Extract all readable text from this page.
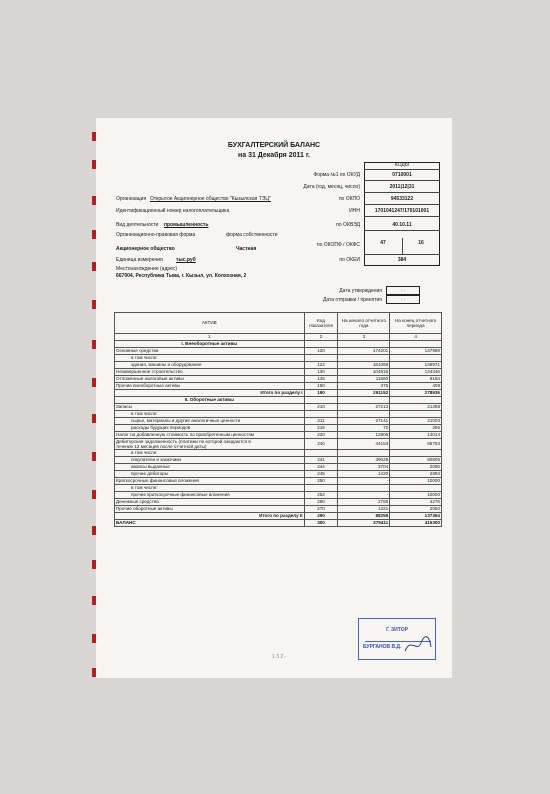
БУХГАЛТЕРСКИЙ БАЛАНС
на 31 Декабря 2011 г.
КОДЫ
Форма №1 по ОКУД	0710001
Дата (год, месяц, число)	2011|12|31
Организация Открытое Акционерное общество "Кызылская ТЭЦ"	по ОКПО	94533122
Идентификационный номер налогоплательщика	ИНН	1701041247/170101001
Вид деятельности промышленность	по ОКВЭД	40.10.11
Организационно-правовая форма	форма собственности
Акционерное общество	Частная
по ОКОПФ / ОКФС	47	16
Единица измерения	тыс.руб	по ОКЕИ	384
Местонахождение (адрес)
667004, Республика Тыва, г. Кызыл, ул. Колхозная, 2
Дата утверждения	. .
Дата отправки / принятия	. .
АКТИВ	Код показателя	На начало отчетного года	На конец отчетного периода
1	2	3	4
I. Внеоборотные активы			
Основные средства	120	174201	147998
в том числе:			
здания, машины и оборудование	122	161068	136971
Незавершенное строительство	130	104916	124346
Отложенные налоговые активы	145	11660	6184
Прочие внеоборотные активы	150	375	409
Итого по разделу I	190	291152	278936
II. Оборотные активы			
Запасы	210	27213	21258
в том числе:			
сырье, материалы и другие аналогичные ценности	211	27141	21003
расходы будущих периодов	216	72	255
Налог на добавленную стоимость по приобретенным ценностям	220	12806	14014

Дебиторская задолженность (платежи по которой ожидаются в
течение 12 месяцев после отчетной даты)	240	44153	85763
в том числе:			
покупатели и заказчики	241	39029	80805
авансы выданные	244	3704	2065
прочие дебиторы	245	1420	2893
Краткосрочные финансовые вложения	250	-	10000
в том числе:			
прочие краткосрочные финансовые вложения	252	-	10000
Денежные средства	260	2766	4276
Прочие оборотные активы	270	1321	2053
Итого по разделу II	290	88259	137364
БАЛАНС	300	379411	416300
Г. ЗИТОР
БУРГАНОВ В.Д.
1 3 2 -
